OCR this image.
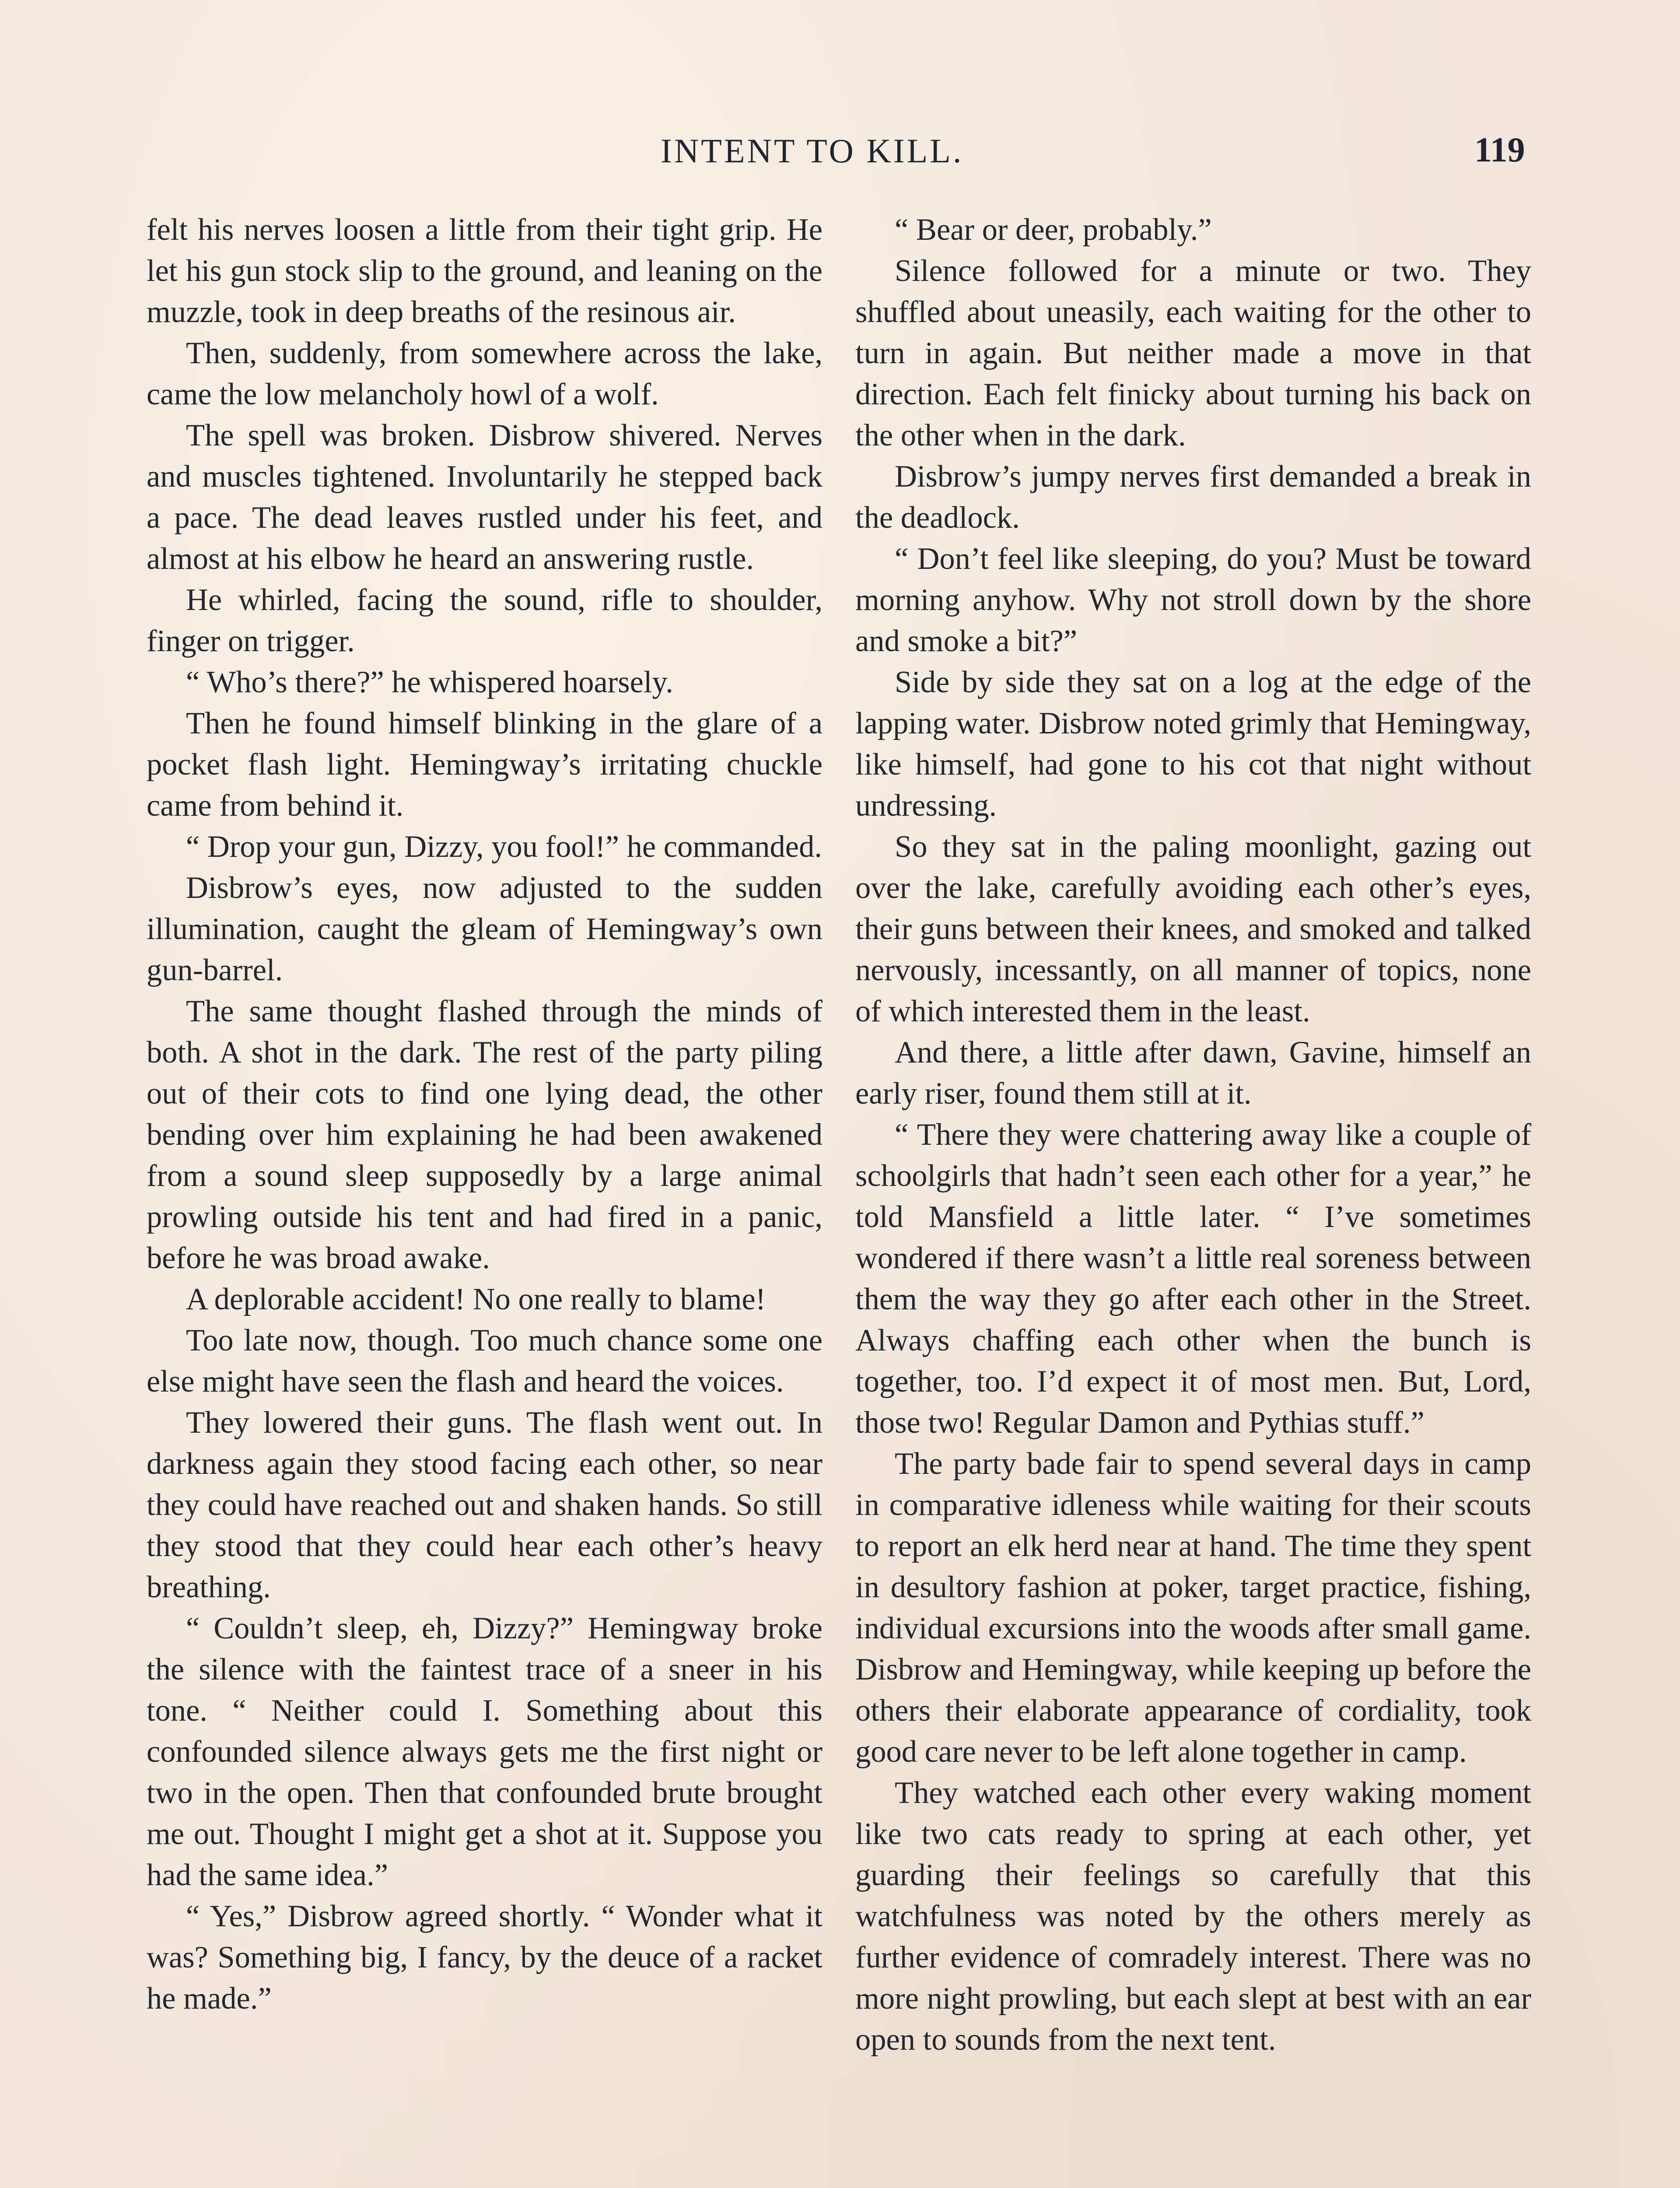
INTENT TO KILL.	119

felt his nerves loosen a little from their tight grip. He let his gun stock slip to the ground, and leaning on the muzzle, took in deep breaths of the resinous air.

Then, suddenly, from somewhere across the lake, came the low melancholy howl of a wolf.

The spell was broken. Disbrow shivered. Nerves and muscles tightened. Involuntarily he stepped back a pace. The dead leaves rustled under his feet, and almost at his elbow he heard an answering rustle.

He whirled, facing the sound, rifle to shoulder, finger on trigger.

“ Who’s there?” he whispered hoarsely.

Then he found himself blinking in the glare of a pocket flash light. Hemingway’s irritating chuckle came from behind it.

“ Drop your gun, Dizzy, you fool!” he commanded.

Disbrow’s eyes, now adjusted to the sudden illumination, caught the gleam of Hemingway’s own gun-barrel.

The same thought flashed through the minds of both. A shot in the dark. The rest of the party piling out of their cots to find one lying dead, the other bending over him explaining he had been awakened from a sound sleep supposedly by a large animal prowling outside his tent and had fired in a panic, before he was broad awake.

A deplorable accident! No one really to blame!

Too late now, though. Too much chance some one else might have seen the flash and heard the voices.

They lowered their guns. The flash went out. In darkness again they stood facing each other, so near they could have reached out and shaken hands. So still they stood that they could hear each other’s heavy breathing.

“ Couldn’t sleep, eh, Dizzy?” Hemingway broke the silence with the faintest trace of a sneer in his tone. “ Neither could I. Something about this confounded silence always gets me the first night or two in the open. Then that confounded brute brought me out. Thought I might get a shot at it. Suppose you had the same idea.”

“ Yes,” Disbrow agreed shortly. “ Wonder what it was? Something big, I fancy, by the deuce of a racket he made.”

“ Bear or deer, probably.”

Silence followed for a minute or two. They shuffled about uneasily, each waiting for the other to turn in again. But neither made a move in that direction. Each felt finicky about turning his back on the other when in the dark.

Disbrow’s jumpy nerves first demanded a break in the deadlock.

“ Don’t feel like sleeping, do you? Must be toward morning anyhow. Why not stroll down by the shore and smoke a bit?”

Side by side they sat on a log at the edge of the lapping water. Disbrow noted grimly that Hemingway, like himself, had gone to his cot that night without undressing.

So they sat in the paling moonlight, gazing out over the lake, carefully avoiding each other’s eyes, their guns between their knees, and smoked and talked nervously, incessantly, on all manner of topics, none of which interested them in the least.

And there, a little after dawn, Gavine, himself an early riser, found them still at it.

“ There they were chattering away like a couple of schoolgirls that hadn’t seen each other for a year,” he told Mansfield a little later. “ I’ve sometimes wondered if there wasn’t a little real soreness between them the way they go after each other in the Street. Always chaffing each other when the bunch is together, too. I’d expect it of most men. But, Lord, those two! Regular Damon and Pythias stuff.”

The party bade fair to spend several days in camp in comparative idleness while waiting for their scouts to report an elk herd near at hand. The time they spent in desultory fashion at poker, target practice, fishing, individual excursions into the woods after small game. Disbrow and Hemingway, while keeping up before the others their elaborate appearance of cordiality, took good care never to be left alone together in camp.

They watched each other every waking moment like two cats ready to spring at each other, yet guarding their feelings so carefully that this watchfulness was noted by the others merely as further evidence of comradely interest. There was no more night prowling, but each slept at best with an ear open to sounds from the next tent.
